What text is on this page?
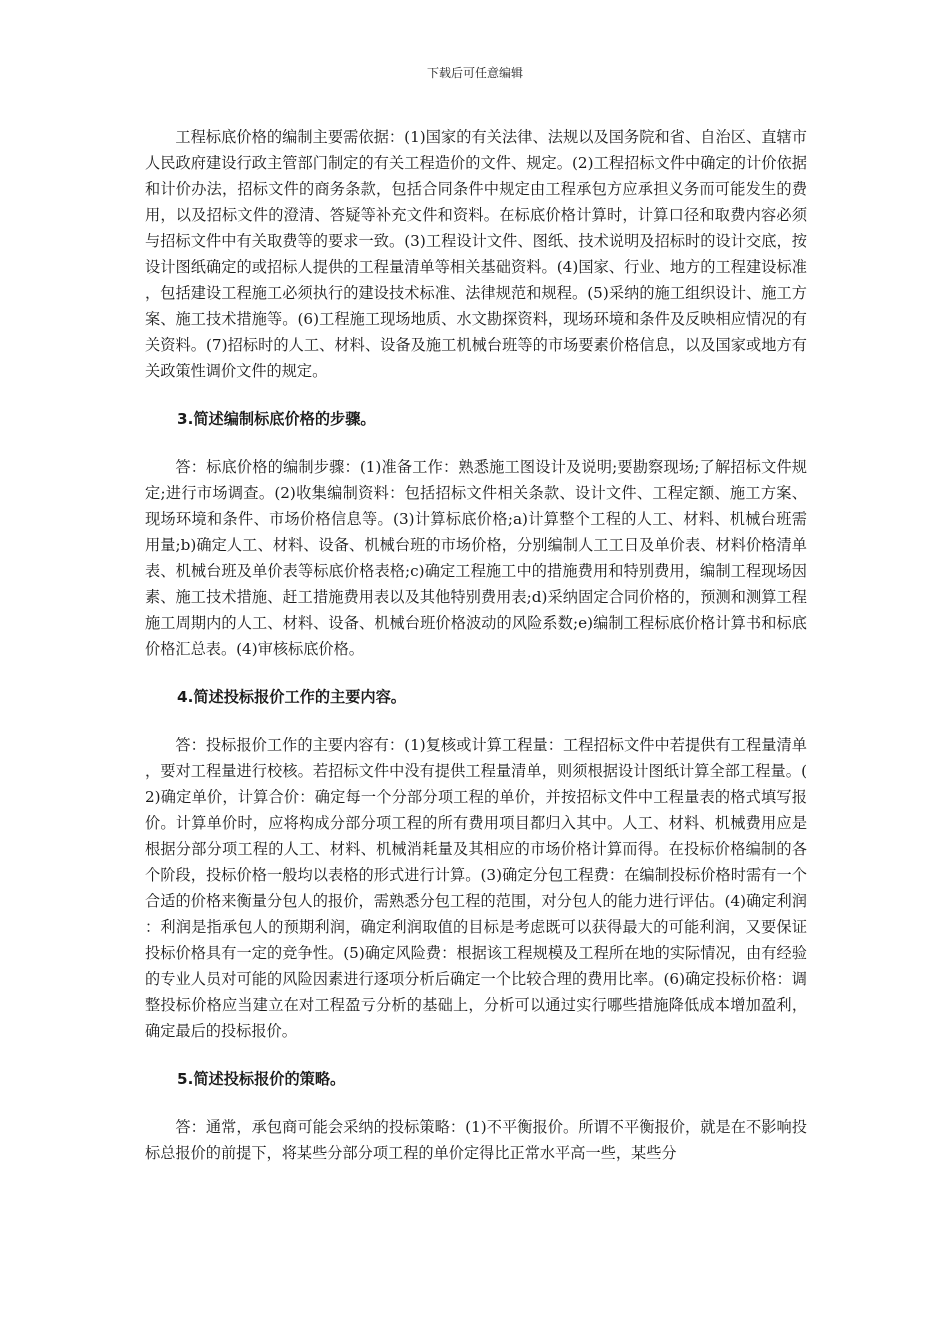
下载后可任意编辑

工程标底价格的编制主要需依据：(1)国家的有关法律、法规以及国务院和省、自治区、直辖市人民政府建设行政主管部门制定的有关工程造价的文件、规定。(2)工程招标文件中确定的计价依据和计价办法，招标文件的商务条款，包括合同条件中规定由工程承包方应承担义务而可能发生的费用，以及招标文件的澄清、答疑等补充文件和资料。在标底价格计算时，计算口径和取费内容必须与招标文件中有关取费等的要求一致。(3)工程设计文件、图纸、技术说明及招标时的设计交底，按设计图纸确定的或招标人提供的工程量清单等相关基础资料。(4)国家、行业、地方的工程建设标准，包括建设工程施工必须执行的建设技术标准、法律规范和规程。(5)采纳的施工组织设计、施工方案、施工技术措施等。(6)工程施工现场地质、水文勘探资料，现场环境和条件及反映相应情况的有关资料。(7)招标时的人工、材料、设备及施工机械台班等的市场要素价格信息，以及国家或地方有关政策性调价文件的规定。

3.简述编制标底价格的步骤。

答：标底价格的编制步骤：(1)准备工作：熟悉施工图设计及说明;要勘察现场;了解招标文件规定;进行市场调查。(2)收集编制资料：包括招标文件相关条款、设计文件、工程定额、施工方案、现场环境和条件、市场价格信息等。(3)计算标底价格;a)计算整个工程的人工、材料、机械台班需用量;b)确定人工、材料、设备、机械台班的市场价格，分别编制人工工日及单价表、材料价格清单表、机械台班及单价表等标底价格表格;c)确定工程施工中的措施费用和特别费用，编制工程现场因素、施工技术措施、赶工措施费用表以及其他特别费用表;d)采纳固定合同价格的，预测和测算工程施工周期内的人工、材料、设备、机械台班价格波动的风险系数;e)编制工程标底价格计算书和标底价格汇总表。(4)审核标底价格。

4.简述投标报价工作的主要内容。

答：投标报价工作的主要内容有：(1)复核或计算工程量：工程招标文件中若提供有工程量清单，要对工程量进行校核。若招标文件中没有提供工程量清单，则须根据设计图纸计算全部工程量。(2)确定单价，计算合价：确定每一个分部分项工程的单价，并按招标文件中工程量表的格式填写报价。计算单价时，应将构成分部分项工程的所有费用项目都归入其中。人工、材料、机械费用应是根据分部分项工程的人工、材料、机械消耗量及其相应的市场价格计算而得。在投标价格编制的各个阶段，投标价格一般均以表格的形式进行计算。(3)确定分包工程费：在编制投标价格时需有一个合适的价格来衡量分包人的报价，需熟悉分包工程的范围，对分包人的能力进行评估。(4)确定利润：利润是指承包人的预期利润，确定利润取值的目标是考虑既可以获得最大的可能利润，又要保证投标价格具有一定的竞争性。(5)确定风险费：根据该工程规模及工程所在地的实际情况，由有经验的专业人员对可能的风险因素进行逐项分析后确定一个比较合理的费用比率。(6)确定投标价格：调整投标价格应当建立在对工程盈亏分析的基础上，分析可以通过实行哪些措施降低成本增加盈利，确定最后的投标报价。

5.简述投标报价的策略。

答：通常，承包商可能会采纳的投标策略：(1)不平衡报价。所谓不平衡报价，就是在不影响投标总报价的前提下，将某些分部分项工程的单价定得比正常水平高一些，某些分
